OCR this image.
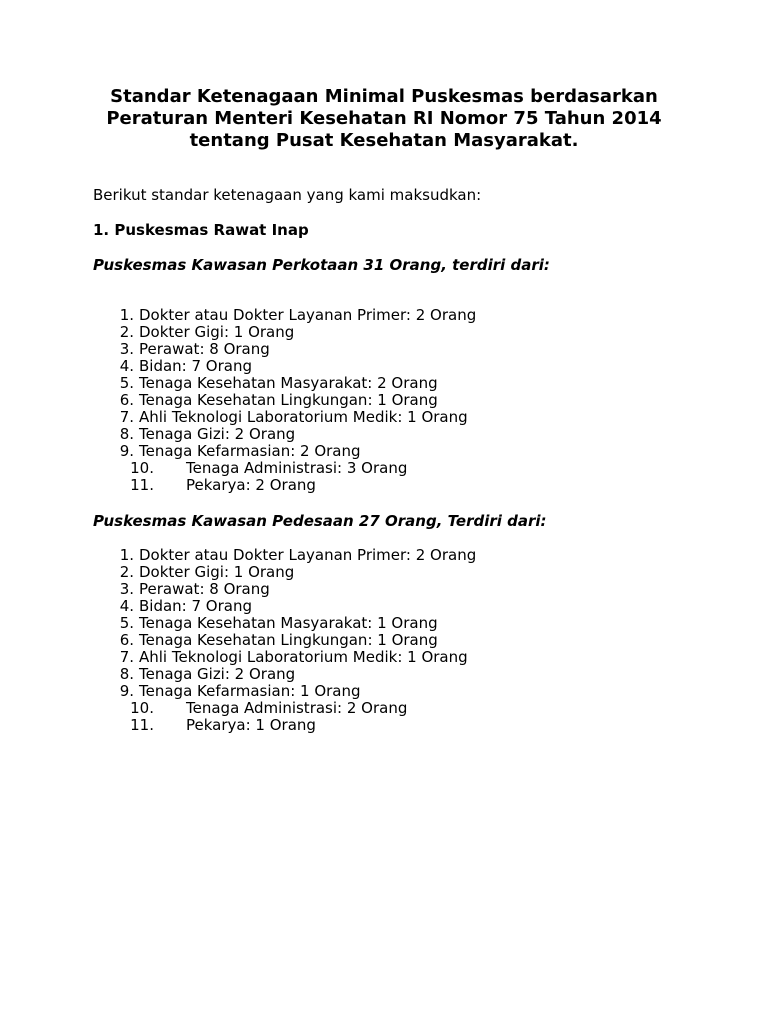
Standar Ketenagaan Minimal Puskesmas berdasarkan
Peraturan Menteri Kesehatan RI Nomor 75 Tahun 2014
tentang Pusat Kesehatan Masyarakat.
Berikut standar ketenagaan yang kami maksudkan:
1. Puskesmas Rawat Inap
Puskesmas Kawasan Perkotaan 31 Orang, terdiri dari:
1. Dokter atau Dokter Layanan Primer: 2 Orang
2. Dokter Gigi: 1 Orang
3. Perawat: 8 Orang
4. Bidan: 7 Orang
5. Tenaga Kesehatan Masyarakat: 2 Orang
6. Tenaga Kesehatan Lingkungan: 1 Orang
7. Ahli Teknologi Laboratorium Medik: 1 Orang
8. Tenaga Gizi: 2 Orang
9. Tenaga Kefarmasian: 2 Orang
10. Tenaga Administrasi: 3 Orang
11. Pekarya: 2 Orang
Puskesmas Kawasan Pedesaan 27 Orang, Terdiri dari:
1. Dokter atau Dokter Layanan Primer: 2 Orang
2. Dokter Gigi: 1 Orang
3. Perawat: 8 Orang
4. Bidan: 7 Orang
5. Tenaga Kesehatan Masyarakat: 1 Orang
6. Tenaga Kesehatan Lingkungan: 1 Orang
7. Ahli Teknologi Laboratorium Medik: 1 Orang
8. Tenaga Gizi: 2 Orang
9. Tenaga Kefarmasian: 1 Orang
10. Tenaga Administrasi: 2 Orang
11. Pekarya: 1 Orang
